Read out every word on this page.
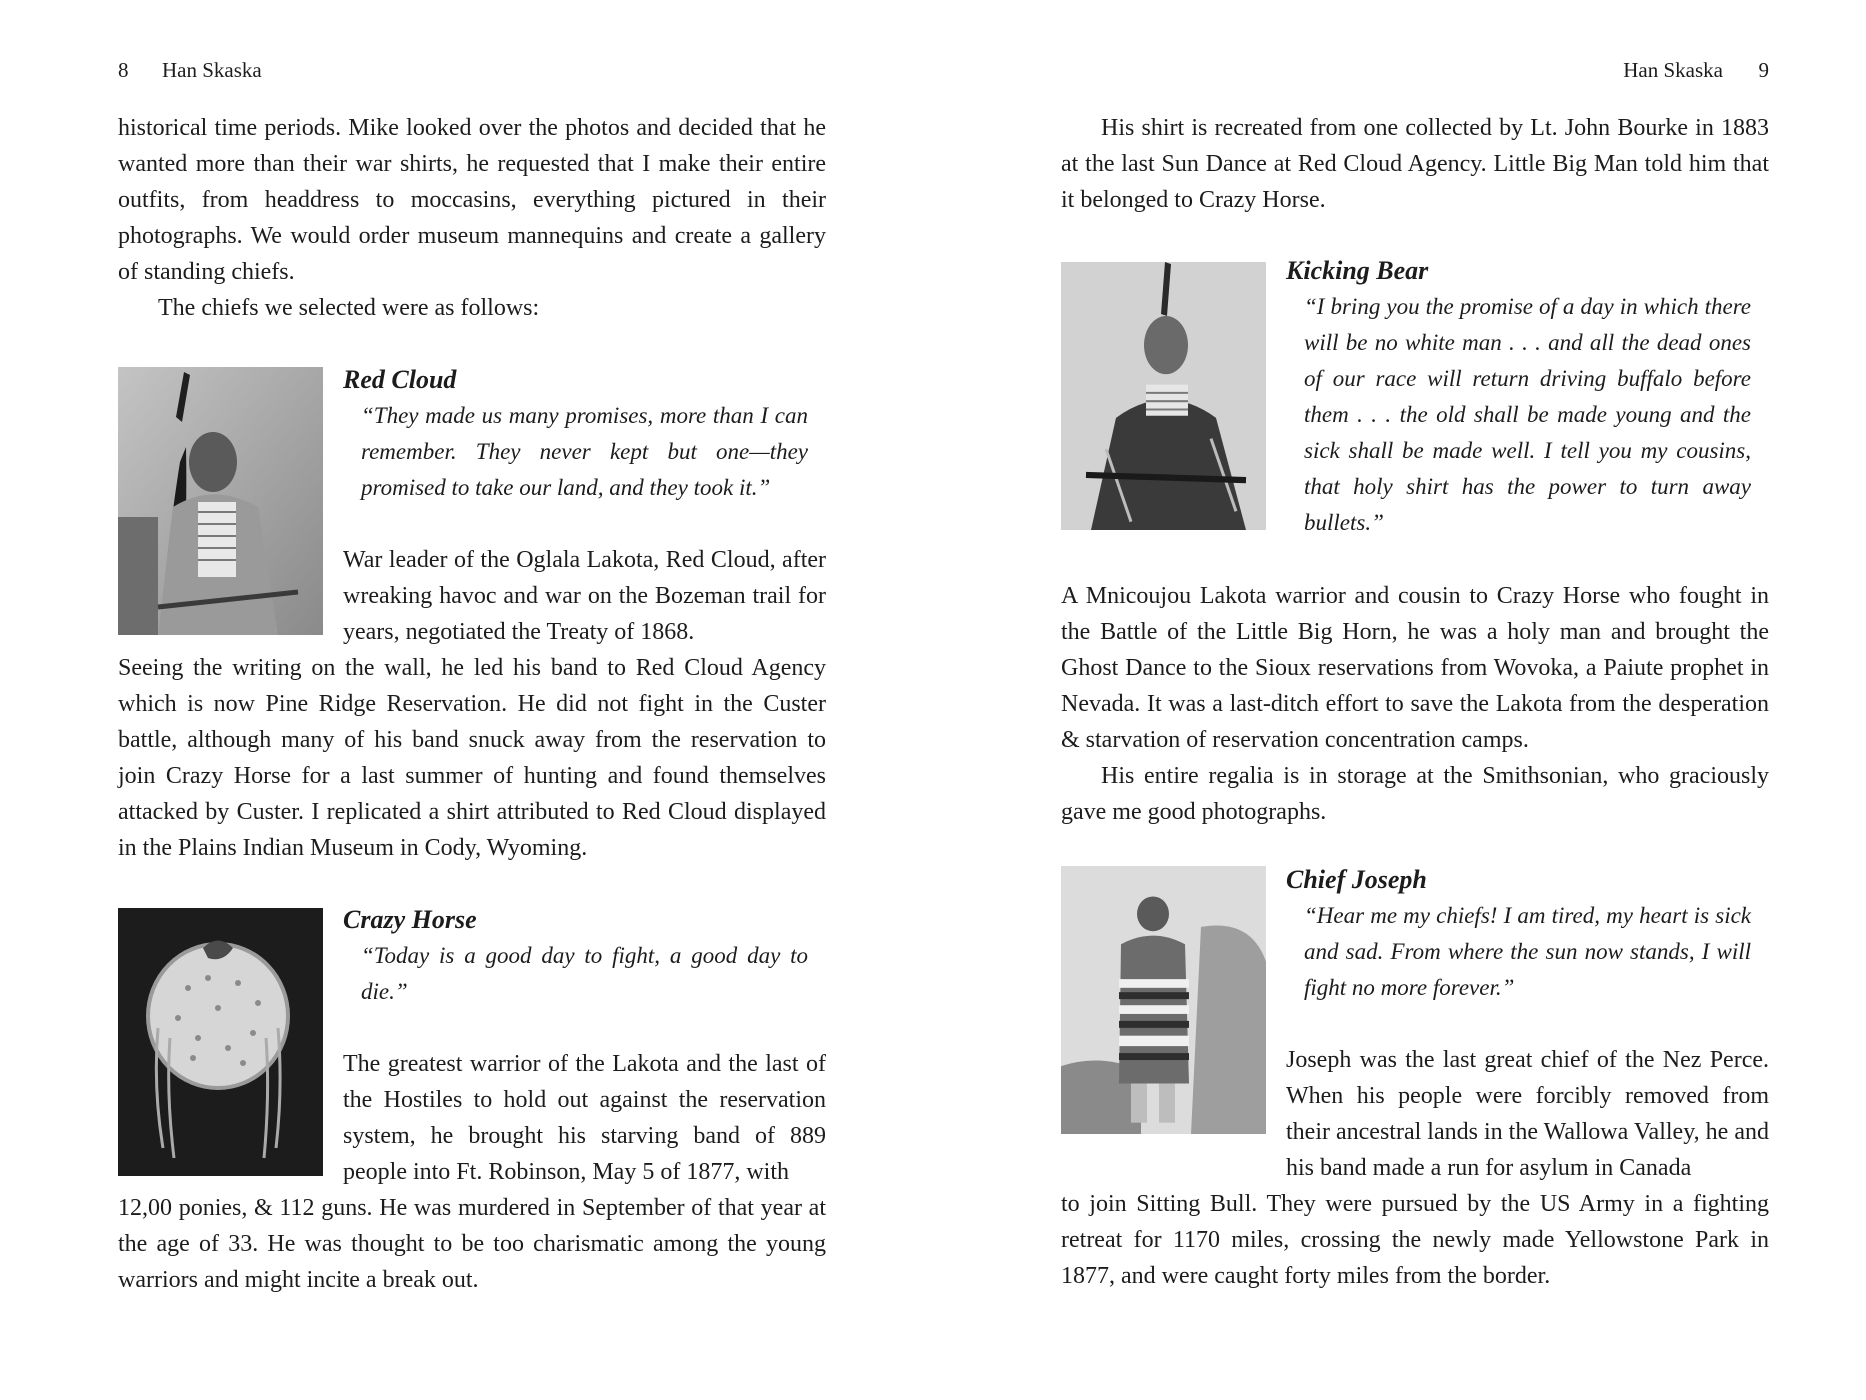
8 Han Skaska

historical time periods. Mike looked over the photos and decided that he wanted more than their war shirts, he requested that I make their entire outfits, from headdress to moccasins, everything pictured in their photographs. We would order museum mannequins and create a gallery of standing chiefs.

The chiefs we selected were as follows:

Red Cloud

“They made us many promises, more than I can remember. They never kept but one—they promised to take our land, and they took it.”

War leader of the Oglala Lakota, Red Cloud, after wreaking havoc and war on the Bozeman trail for years, negotiated the Treaty of 1868.

Seeing the writing on the wall, he led his band to Red Cloud Agency which is now Pine Ridge Reservation. He did not fight in the Custer battle, although many of his band snuck away from the reservation to join Crazy Horse for a last summer of hunting and found themselves attacked by Custer. I replicated a shirt attributed to Red Cloud displayed in the Plains Indian Museum in Cody, Wyoming.

Crazy Horse

“Today is a good day to fight, a good day to die.”

The greatest warrior of the Lakota and the last of the Hostiles to hold out against the reservation system, he brought his starving band of 889 people into Ft. Robinson, May 5 of 1877, with

12,00 ponies, & 112 guns. He was murdered in September of that year at the age of 33. He was thought to be too charismatic among the young warriors and might incite a break out.

Han Skaska 9

His shirt is recreated from one collected by Lt. John Bourke in 1883 at the last Sun Dance at Red Cloud Agency. Little Big Man told him that it belonged to Crazy Horse.

Kicking Bear

“I bring you the promise of a day in which there will be no white man . . . and all the dead ones of our race will return driving buffalo before them . . . the old shall be made young and the sick shall be made well. I tell you my cousins, that holy shirt has the power to turn away bullets.”

A Mnicoujou Lakota warrior and cousin to Crazy Horse who fought in the Battle of the Little Big Horn, he was a holy man and brought the Ghost Dance to the Sioux reservations from Wovoka, a Paiute prophet in Nevada. It was a last-ditch effort to save the Lakota from the desperation & starvation of reservation concentration camps.

His entire regalia is in storage at the Smithsonian, who graciously gave me good photographs.

Chief Joseph

“Hear me my chiefs! I am tired, my heart is sick and sad. From where the sun now stands, I will fight no more forever.”

Joseph was the last great chief of the Nez Perce. When his people were forcibly removed from their ancestral lands in the Wallowa Valley, he and his band made a run for asylum in Canada

to join Sitting Bull. They were pursued by the US Army in a fighting retreat for 1170 miles, crossing the newly made Yellowstone Park in 1877, and were caught forty miles from the border.
